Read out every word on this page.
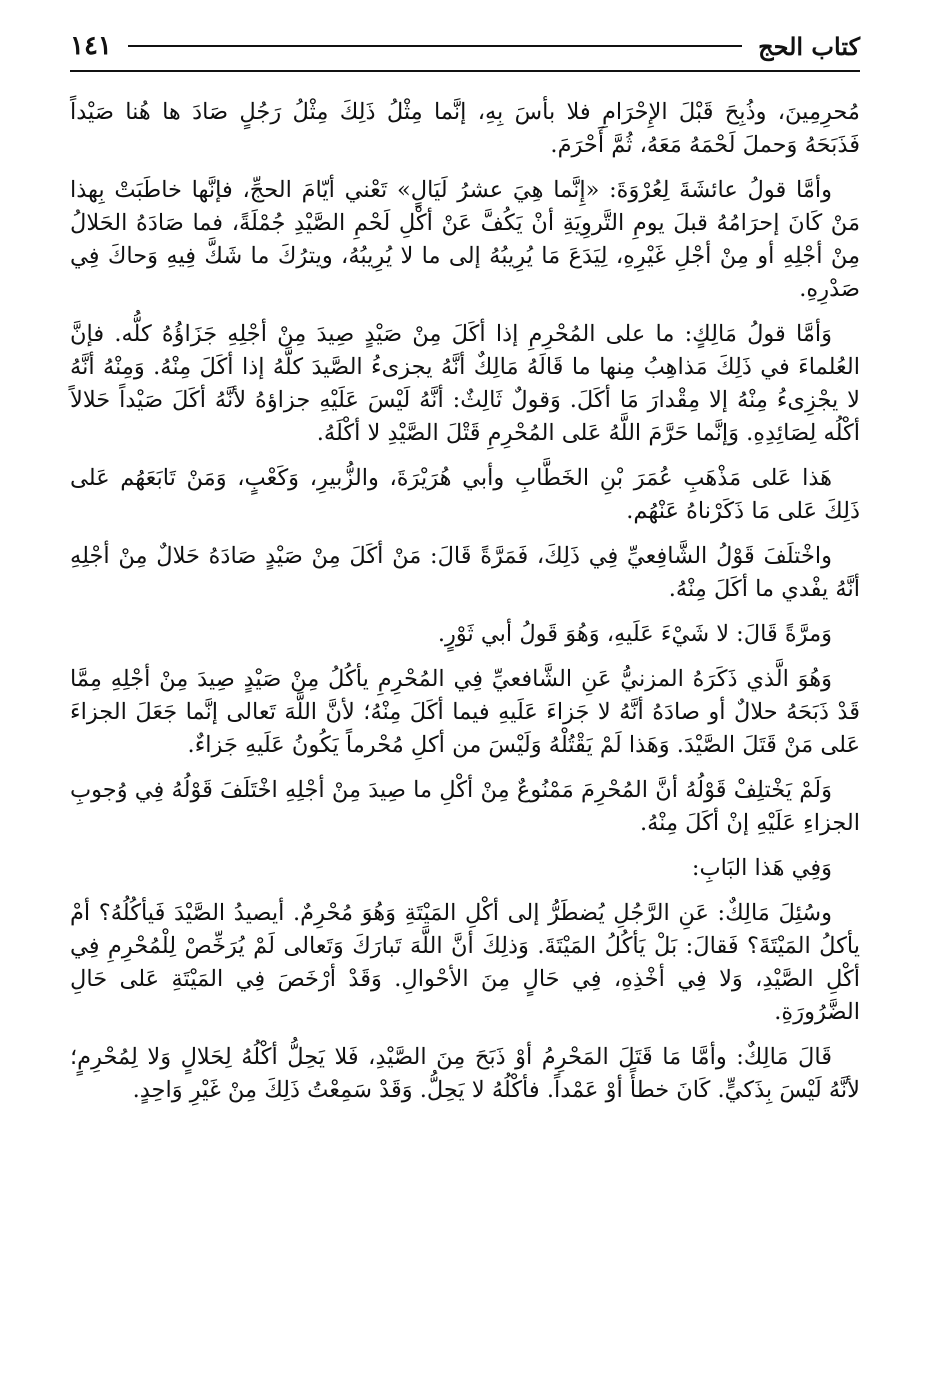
كتاب الحج
١٤١

مُحرِمِينَ، وذُبِحَ قَبْلَ الإِحْرَامِ فلا بأسَ بِهِ، إنَّما مِثْلُ ذَلِكَ مِثْلُ رَجُلٍ صَادَ ها هُنا صَيْداً فَذَبَحَهُ وَحملَ لَحْمَهُ مَعَهُ، ثُمَّ أَحْرَمَ.

وأمَّا قولُ عائشَةَ لِعُرْوَةَ: «إِنَّما هِيَ عشرُ لَيَالٍ» تَعْني أيّامَ الحجِّ، فإنَّها خاطَبَتْ بِهذا مَنْ كَانَ إحرَامُهُ قبلَ يومِ التَّروِيَةِ أنْ يَكُفَّ عَنْ أكْلِ لَحْمِ الصَّيْدِ جُمْلَةً، فما صَادَهُ الحَلالُ مِنْ أجْلِهِ أو مِنْ أجْلِ غَيْرِهِ، لِيَدَعَ مَا يُرِيبُهُ إلى ما لا يُرِيبُهُ، ويترُكَ ما شَكَّ فِيهِ وَحاكَ فِي صَدْرِهِ.

وَأمَّا قولُ مَالِكٍ: ما على المُحْرِمِ إذا أكَلَ مِنْ صَيْدٍ صِيدَ مِنْ أجْلِهِ جَزَاؤُهُ كلُّه. فإنَّ العُلماءَ في ذَلِكَ مَذاهِبُ مِنها ما قَالَهُ مَالِكٌ أنَّهُ يجزىءُ الصَّيدَ كلَّهُ إذا أكَلَ مِنْهُ. وَمِنْهُ أنَّهُ لا يجْزِىءُ مِنْهُ إلا مِقْدارَ مَا أكَلَ. وَقولٌ ثَالِثٌ: أنَّهُ لَيْسَ عَلَيْهِ جزاؤهُ لأنَّهُ أكَلَ صَيْداً حَلالاً أكْلُه لِصَائِدِهِ. وَإنَّما حَرَّمَ اللَّهُ عَلى المُحْرِمِ قَتْلَ الصَّيْدِ لا أكْلَهُ.

هَذا عَلى مَذْهَبِ عُمَرَ بْنِ الخَطَّابِ وأبي هُرَيْرَةَ، والزُّبيرِ، وَكَعْبٍ، وَمَنْ تَابَعَهُم عَلى ذَلِكَ عَلى مَا ذَكَرْناهُ عَنْهُم.

واخْتلَفَ قَوْلُ الشَّافِعيِّ فِي ذَلِكَ، فَمَرَّةً قَالَ: مَنْ أكَلَ مِنْ صَيْدٍ صَادَهُ حَلالٌ مِنْ أجْلِهِ أنَّهُ يفْدي ما أكَلَ مِنْهُ.

وَمرَّةً قَالَ: لا شَيْءَ عَلَيهِ، وَهُوَ قَولُ أبي ثَوْرٍ.

وَهُوَ الَّذي ذَكَرَهُ المزنيُّ عَنِ الشَّافعيِّ فِي المُحْرِمِ يأكُلُ مِنْ صَيْدٍ صِيدَ مِنْ أجْلِهِ مِمَّا قَدْ ذَبَحَهُ حلالٌ أو صادَهُ أنَّهُ لا جَزاءَ عَلَيهِ فيما أكَلَ مِنْهُ؛ لأنَّ اللَّهَ تَعالى إنَّما جَعَلَ الجزاءَ عَلى مَنْ قَتَلَ الصَّيْدَ. وَهَذا لَمْ يَقْتُلْهُ وَلَيْسَ من أكلِ مُحْرماً يَكُونُ عَلَيهِ جَزاءٌ.

وَلَمْ يَخْتلِفْ قَوْلُهُ أنَّ المُحْرِمَ مَمْنُوعٌ مِنْ أكْلِ ما صِيدَ مِنْ أجْلِهِ اخْتَلَفَ قَوْلُهُ فِي وُجوبِ الجزاءِ عَلَيْهِ إنْ أكَلَ مِنْهُ.

وَفِي هَذا البَابِ:

وسُئِلَ مَالِكٌ: عَنِ الرَّجُلِ يُضطَرُّ إلى أكْلِ المَيْتَةِ وَهُوَ مُحْرِمٌ. أيصيدُ الصَّيْدَ فَيأكُلُهُ؟ أمْ يأكلُ المَيْتَةَ؟ فَقالَ: بَلْ يَأكُلُ المَيْتَةَ. وَذلِكَ أنَّ اللَّهَ تَبارَكَ وَتَعالى لَمْ يُرَخِّصْ لِلْمُحْرِمِ فِي أكْلِ الصَّيْدِ، وَلا فِي أخْذِهِ، فِي حَالٍ مِنَ الأحْوالِ. وَقَدْ أرْخَصَ فِي المَيْتَةِ عَلى حَالِ الضَّرُورَةِ.

قَالَ مَالِكٌ: وأمَّا مَا قَتَلَ المَحْرِمُ أوْ ذَبَحَ مِنَ الصَّيْدِ، فَلا يَحِلُّ أكْلُهُ لِحَلالٍ وَلا لِمُحْرِمٍ؛ لأنَّهُ لَيْسَ بِذَكيٍّ. كَانَ خطأً أوْ عَمْداً. فأكْلُهُ لا يَحِلُّ. وَقَدْ سَمِعْتُ ذَلِكَ مِنْ غَيْرِ وَاحِدٍ.
